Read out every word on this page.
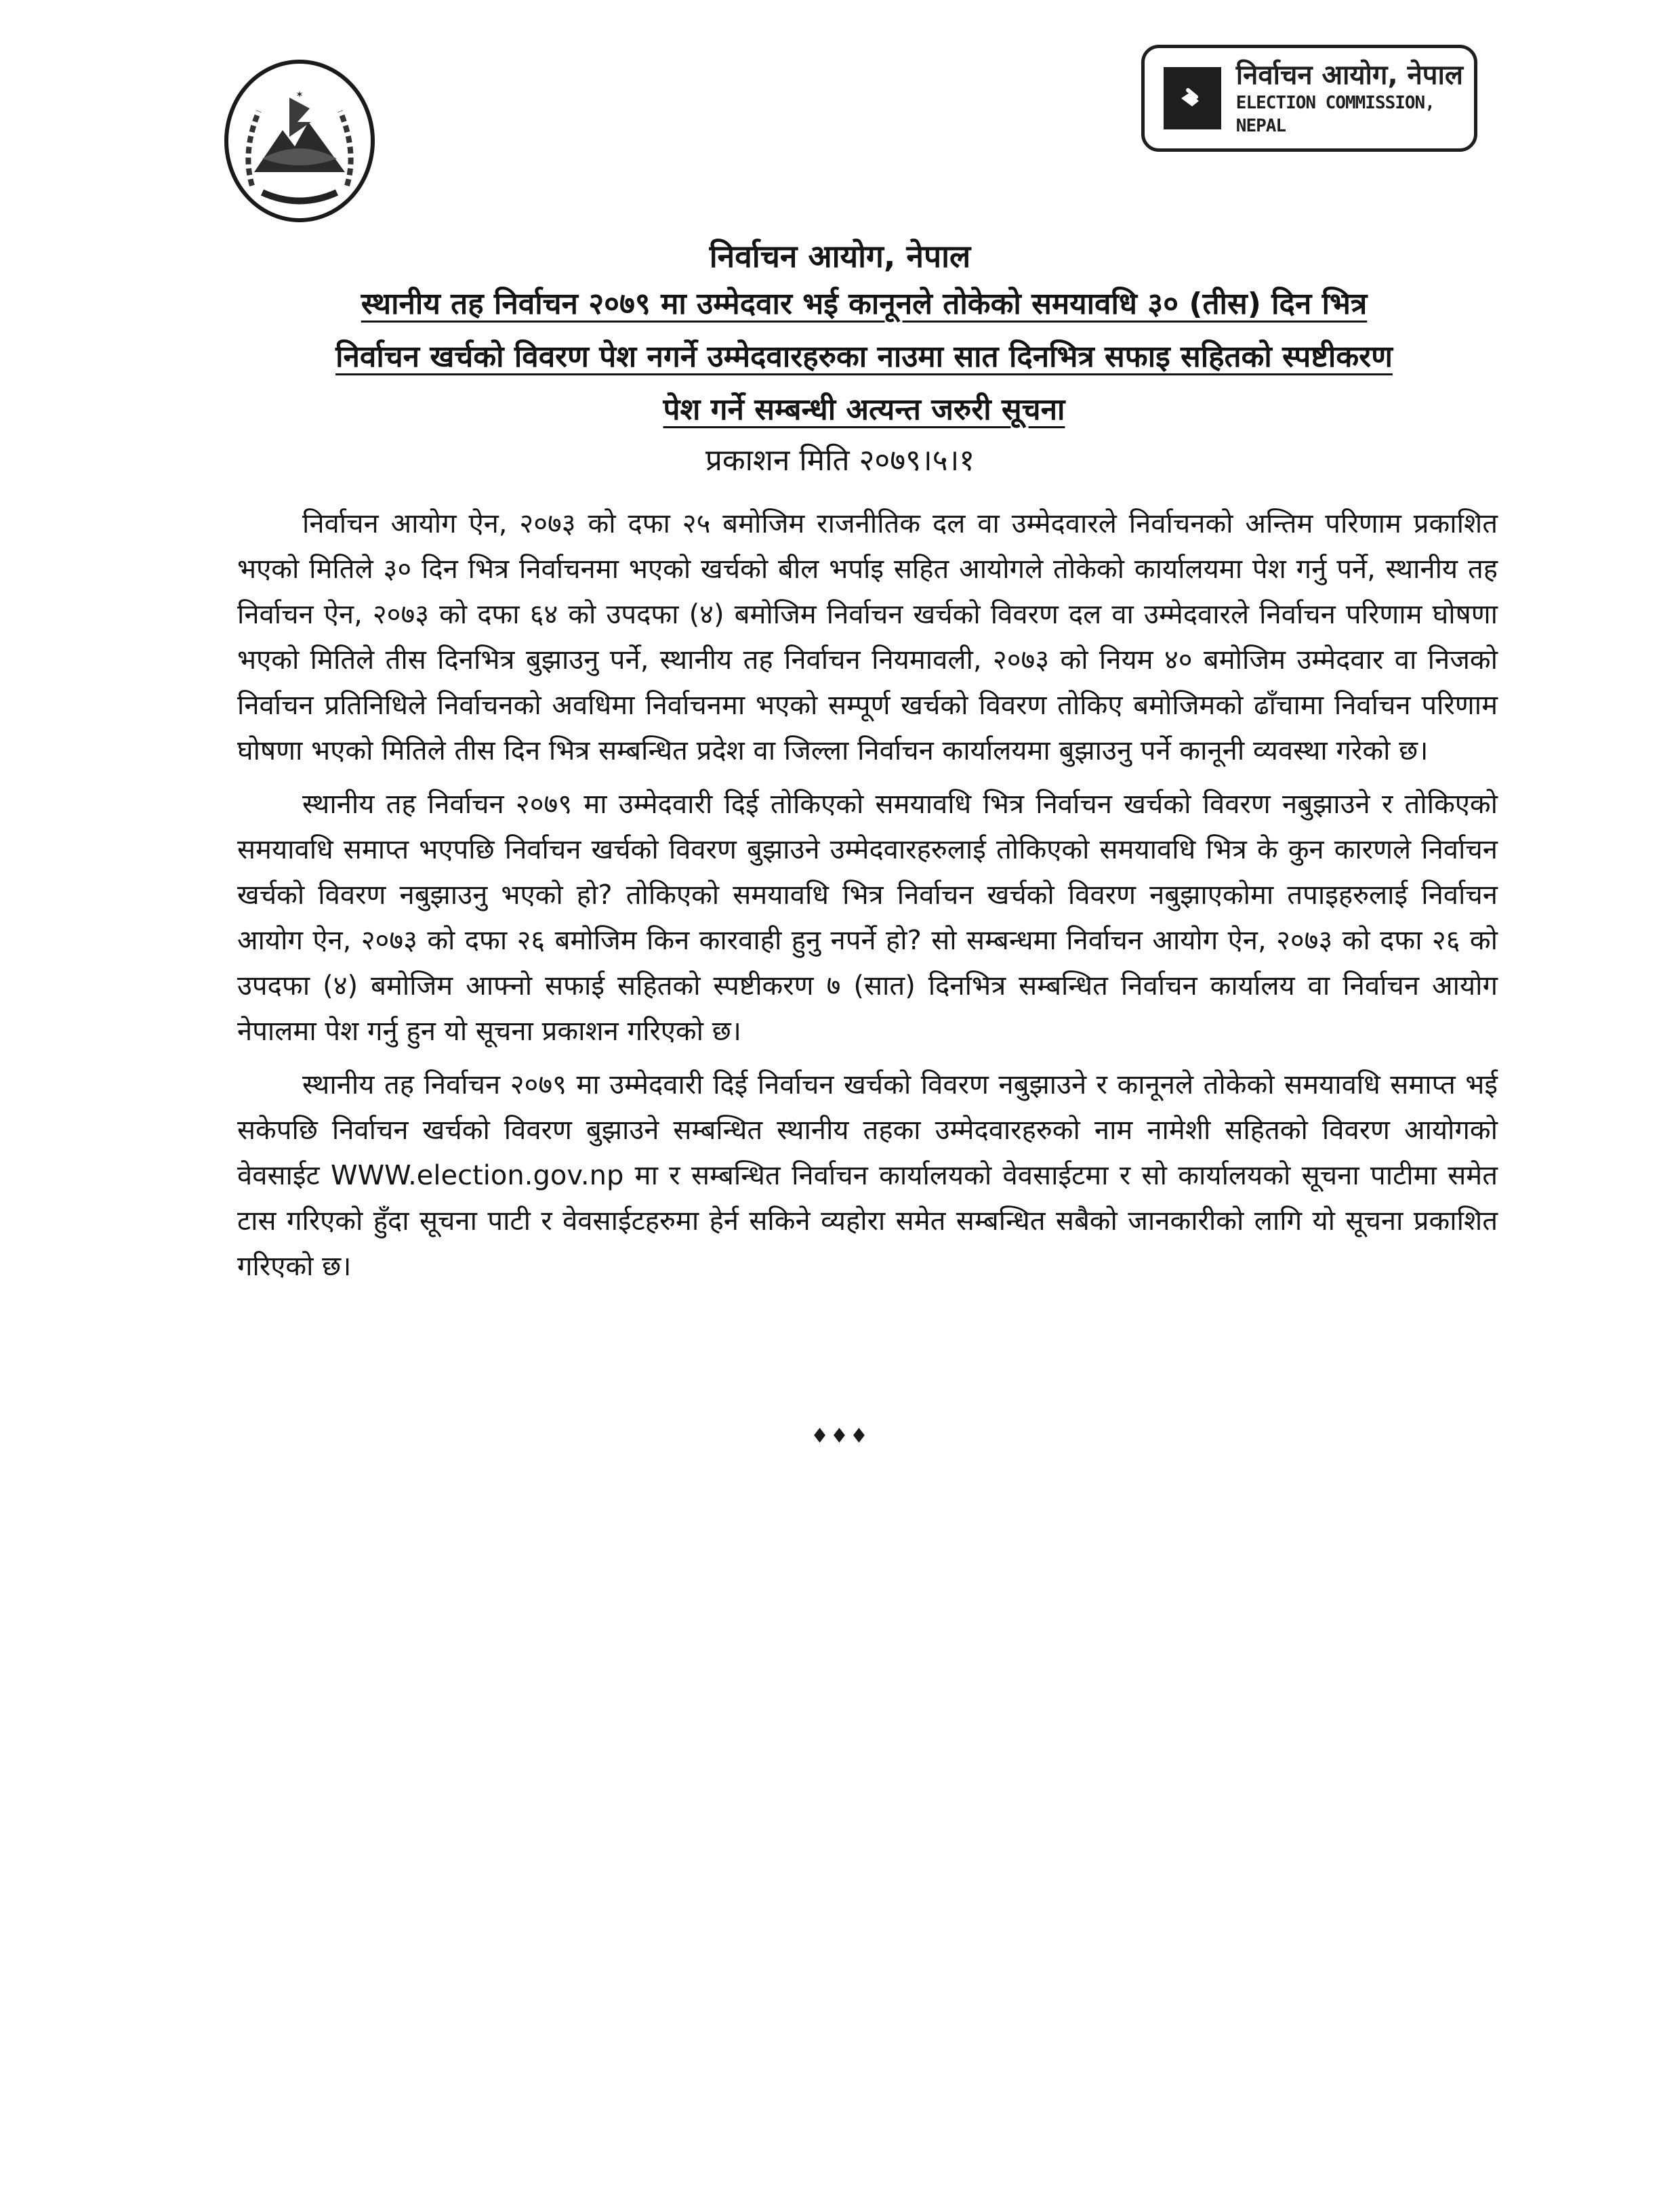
✶
निर्वाचन आयोग, नेपाल
ELECTION COMMISSION, NEPAL
निर्वाचन आयोग, नेपाल
स्थानीय तह निर्वाचन २०७९ मा उम्मेदवार भई कानूनले तोकेको समयावधि ३० (तीस) दिन भित्र
निर्वाचन खर्चको विवरण पेश नगर्ने उम्मेदवारहरुका नाउमा सात दिनभित्र सफाइ सहितको स्पष्टीकरण
पेश गर्ने सम्बन्धी अत्यन्त जरुरी सूचना
प्रकाशन मिति २०७९।५।१

निर्वाचन आयोग ऐन, २०७३ को दफा २५ बमोजिम राजनीतिक दल वा उम्मेदवारले निर्वाचनको अन्तिम परिणाम प्रकाशित भएको मितिले ३० दिन भित्र निर्वाचनमा भएको खर्चको बील भर्पाइ सहित आयोगले तोकेको कार्यालयमा पेश गर्नु पर्ने, स्थानीय तह निर्वाचन ऐन, २०७३ को दफा ६४ को उपदफा (४) बमोजिम निर्वाचन खर्चको विवरण दल वा उम्मेदवारले निर्वाचन परिणाम घोषणा भएको मितिले तीस दिनभित्र बुझाउनु पर्ने, स्थानीय तह निर्वाचन नियमावली, २०७३ को नियम ४० बमोजिम उम्मेदवार वा निजको निर्वाचन प्रतिनिधिले निर्वाचनको अवधिमा निर्वाचनमा भएको सम्पूर्ण खर्चको विवरण तोकिए बमोजिमको ढाँचामा निर्वाचन परिणाम घोषणा भएको मितिले तीस दिन भित्र सम्बन्धित प्रदेश वा जिल्ला निर्वाचन कार्यालयमा बुझाउनु पर्ने कानूनी व्यवस्था गरेको छ।

स्थानीय तह निर्वाचन २०७९ मा उम्मेदवारी दिई तोकिएको समयावधि भित्र निर्वाचन खर्चको विवरण नबुझाउने र तोकिएको समयावधि समाप्त भएपछि निर्वाचन खर्चको विवरण बुझाउने उम्मेदवारहरुलाई तोकिएको समयावधि भित्र के कुन कारणले निर्वाचन खर्चको विवरण नबुझाउनु भएको हो? तोकिएको समयावधि भित्र निर्वाचन खर्चको विवरण नबुझाएकोमा तपाइहरुलाई निर्वाचन आयोग ऐन, २०७३ को दफा २६ बमोजिम किन कारवाही हुनु नपर्ने हो? सो सम्बन्धमा निर्वाचन आयोग ऐन, २०७३ को दफा २६ को उपदफा (४) बमोजिम आफ्नो सफाई सहितको स्पष्टीकरण ७ (सात) दिनभित्र सम्बन्धित निर्वाचन कार्यालय वा निर्वाचन आयोग नेपालमा पेश गर्नु हुन यो सूचना प्रकाशन गरिएको छ।

स्थानीय तह निर्वाचन २०७९ मा उम्मेदवारी दिई निर्वाचन खर्चको विवरण नबुझाउने र कानूनले तोकेको समयावधि समाप्त भई सकेपछि निर्वाचन खर्चको विवरण बुझाउने सम्बन्धित स्थानीय तहका उम्मेदवारहरुको नाम नामेशी सहितको विवरण आयोगको वेवसाईट WWW.election.gov.np मा र सम्बन्धित निर्वाचन कार्यालयको वेवसाईटमा र सो कार्यालयको सूचना पाटीमा समेत टास गरिएको हुँदा सूचना पाटी र वेवसाईटहरुमा हेर्न सकिने व्यहोरा समेत सम्बन्धित सबैको जानकारीको लागि यो सूचना प्रकाशित गरिएको छ।

♦♦♦
